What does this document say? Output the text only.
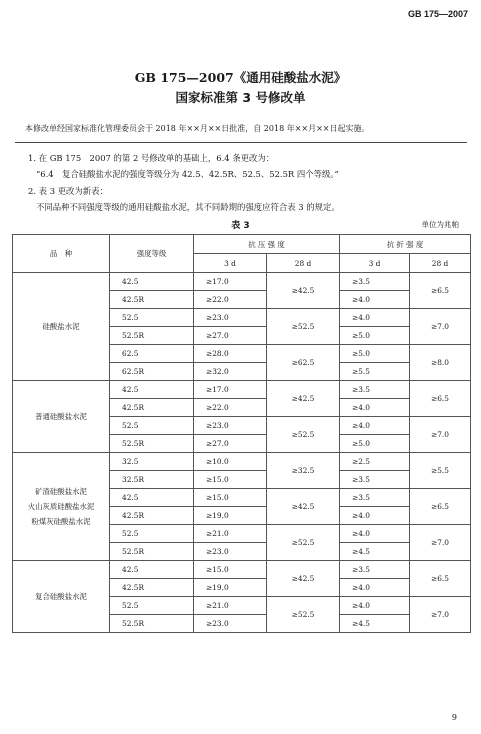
GB 175—2007
GB 175—2007《通用硅酸盐水泥》
国家标准第 3 号修改单
本修改单经国家标准化管理委员会于 2018 年××月××日批准，自 2018 年××月××日起实施。
1. 在 GB 175　2007 的第 2 号修改单的基础上，6.4 条更改为：
“6.4　复合硅酸盐水泥的强度等级分为 42.5、42.5R、52.5、52.5R 四个等级。”
2. 表 3 更改为新表：
不同品种不同强度等级的通用硅酸盐水泥，其不同龄期的强度应符合表 3 的规定。
表 3	单位为兆帕
品　种	强度等级	抗 压 强 度		抗 折 强 度	
		3 d	28 d	3 d	28 d

硅酸盐水泥	42.5	≥17.0	≥42.5	≥3.5	≥6.5
	42.5R	≥22.0		≥4.0	
	52.5	≥23.0	≥52.5	≥4.0	≥7.0
	52.5R	≥27.0		≥5.0	
	62.5	≥28.0	≥62.5	≥5.0	≥8.0
	62.5R	≥32.0		≥5.5	

普通硅酸盐水泥	42.5	≥17.0	≥42.5	≥3.5	≥6.5
	42.5R	≥22.0		≥4.0	
	52.5	≥23.0	≥52.5	≥4.0	≥7.0
	52.5R	≥27.0		≥5.0	

矿渣硅酸盐水泥
火山灰质硅酸盐水泥
粉煤灰硅酸盐水泥	32.5	≥10.0	≥32.5	≥2.5	≥5.5
	32.5R	≥15.0		≥3.5	
	42.5	≥15.0	≥42.5	≥3.5	≥6.5
	42.5R	≥19.0		≥4.0	
	52.5	≥21.0	≥52.5	≥4.0	≥7.0
	52.5R	≥23.0		≥4.5	

复合硅酸盐水泥	42.5	≥15.0	≥42.5	≥3.5	≥6.5
	42.5R	≥19.0		≥4.0	
	52.5	≥21.0	≥52.5	≥4.0	≥7.0
	52.5R	≥23.0		≥4.5	
9
